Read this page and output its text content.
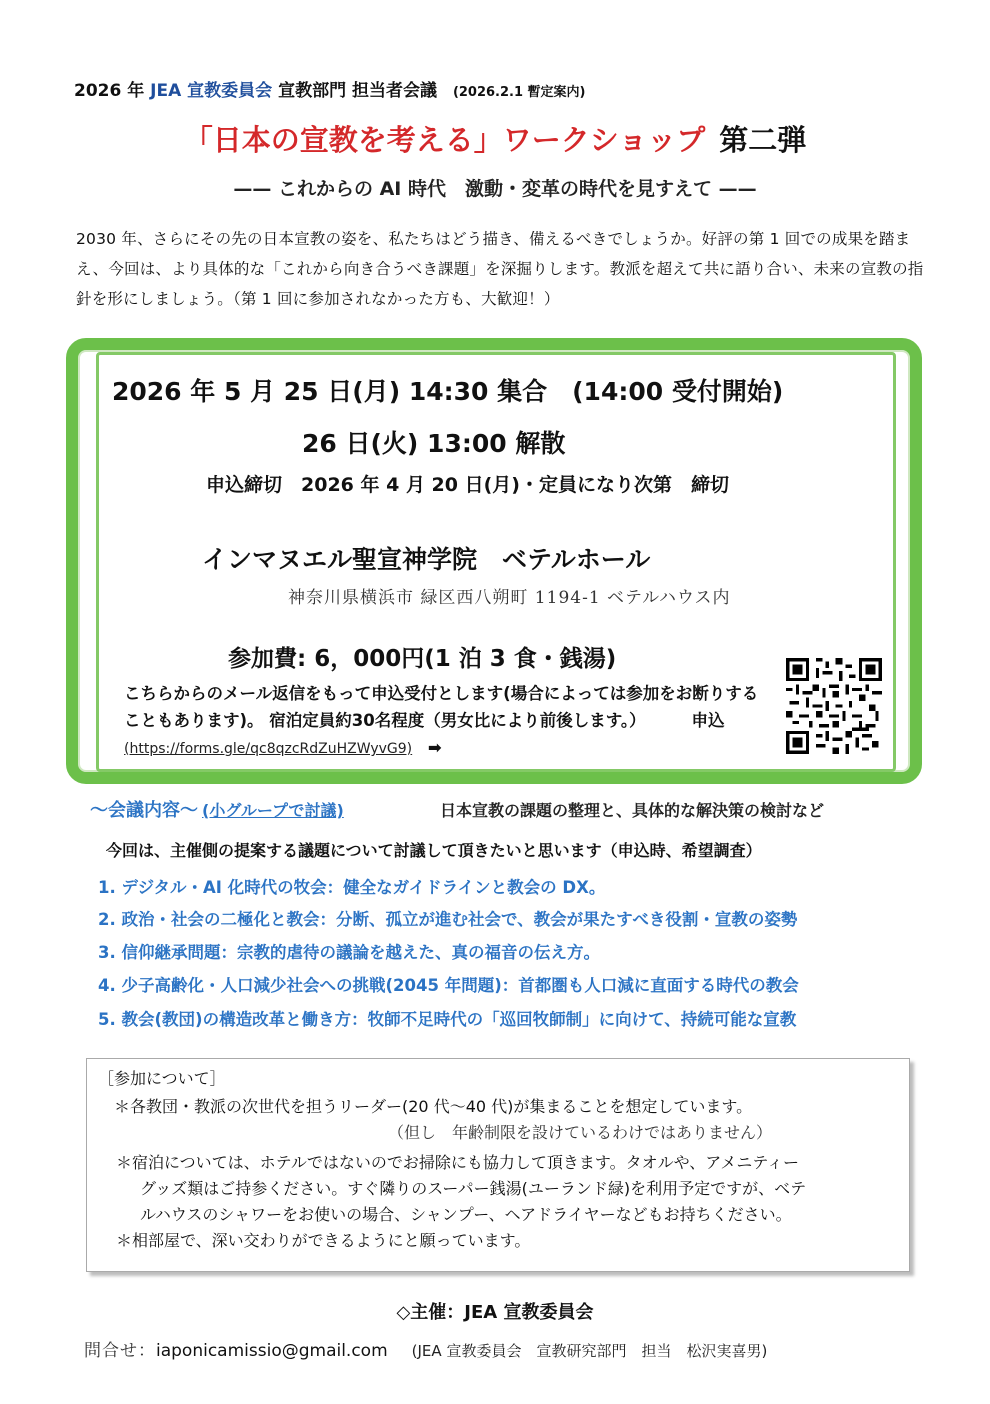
2026 年 JEA 宣教委員会 宣教部門 担当者会議 (2026.2.1 暫定案内)
「日本の宣教を考える」ワークショップ 第二弾
—— これからの AI 時代　激動・変革の時代を見すえて ——
2030 年、さらにその先の日本宣教の姿を、私たちはどう描き、備えるべきでしょうか。好評の第 1 回での成果を踏まえ、今回は、より具体的な「これから向き合うべき課題」を深掘りします。教派を超えて共に語り合い、未来の宣教の指針を形にしましょう。（第 1 回に参加されなかった方も、大歓迎！）
2026 年 5 月 25 日(月) 14:30 集合　(14:00 受付開始)
26 日(火) 13:00 解散
申込締切　2026 年 4 月 20 日(月)・定員になり次第　締切
インマヌエル聖宣神学院　ベテルホール
神奈川県横浜市 緑区西八朔町 1194-1 ベテルハウス内
参加費: 6，000円(1 泊 3 食・銭湯)
こちらからのメール返信をもって申込受付とします(場合によっては参加をお断りすることもあります)。 宿泊定員約30名程度（男女比により前後します。）	申込(https://forms.gle/qc8qzcRdZuHZWyvG9) ➡
～会議内容～ (小グループで討議)	日本宣教の課題の整理と、具体的な解決策の検討など
今回は、主催側の提案する議題について討議して頂きたいと思います（申込時、希望調査）
1. デジタル・AI 化時代の牧会：健全なガイドラインと教会の DX。
2. 政治・社会の二極化と教会：分断、孤立が進む社会で、教会が果たすべき役割・宣教の姿勢
3. 信仰継承問題：宗教的虐待の議論を越えた、真の福音の伝え方。
4. 少子高齢化・人口減少社会への挑戦(2045 年問題)：首都圏も人口減に直面する時代の教会
5. 教会(教団)の構造改革と働き方：牧師不足時代の「巡回牧師制」に向けて、持続可能な宣教
［参加について］
＊各教団・教派の次世代を担うリーダー(20 代～40 代)が集まることを想定しています。
（但し　年齢制限を設けているわけではありません）
＊宿泊については、ホテルではないのでお掃除にも協力して頂きます。タオルや、アメニティー
グッズ類はご持参ください。すぐ隣りのスーパー銭湯(ユーランド緑)を利用予定ですが、ベテ
ルハウスのシャワーをお使いの場合、シャンプー、ヘアドライヤーなどもお持ちください。
＊相部屋で、深い交わりができるようにと願っています。
◇主催：JEA 宣教委員会
問合せ：iaponicamissio@gmail.com (JEA 宣教委員会　宣教研究部門　担当　松沢実喜男)
